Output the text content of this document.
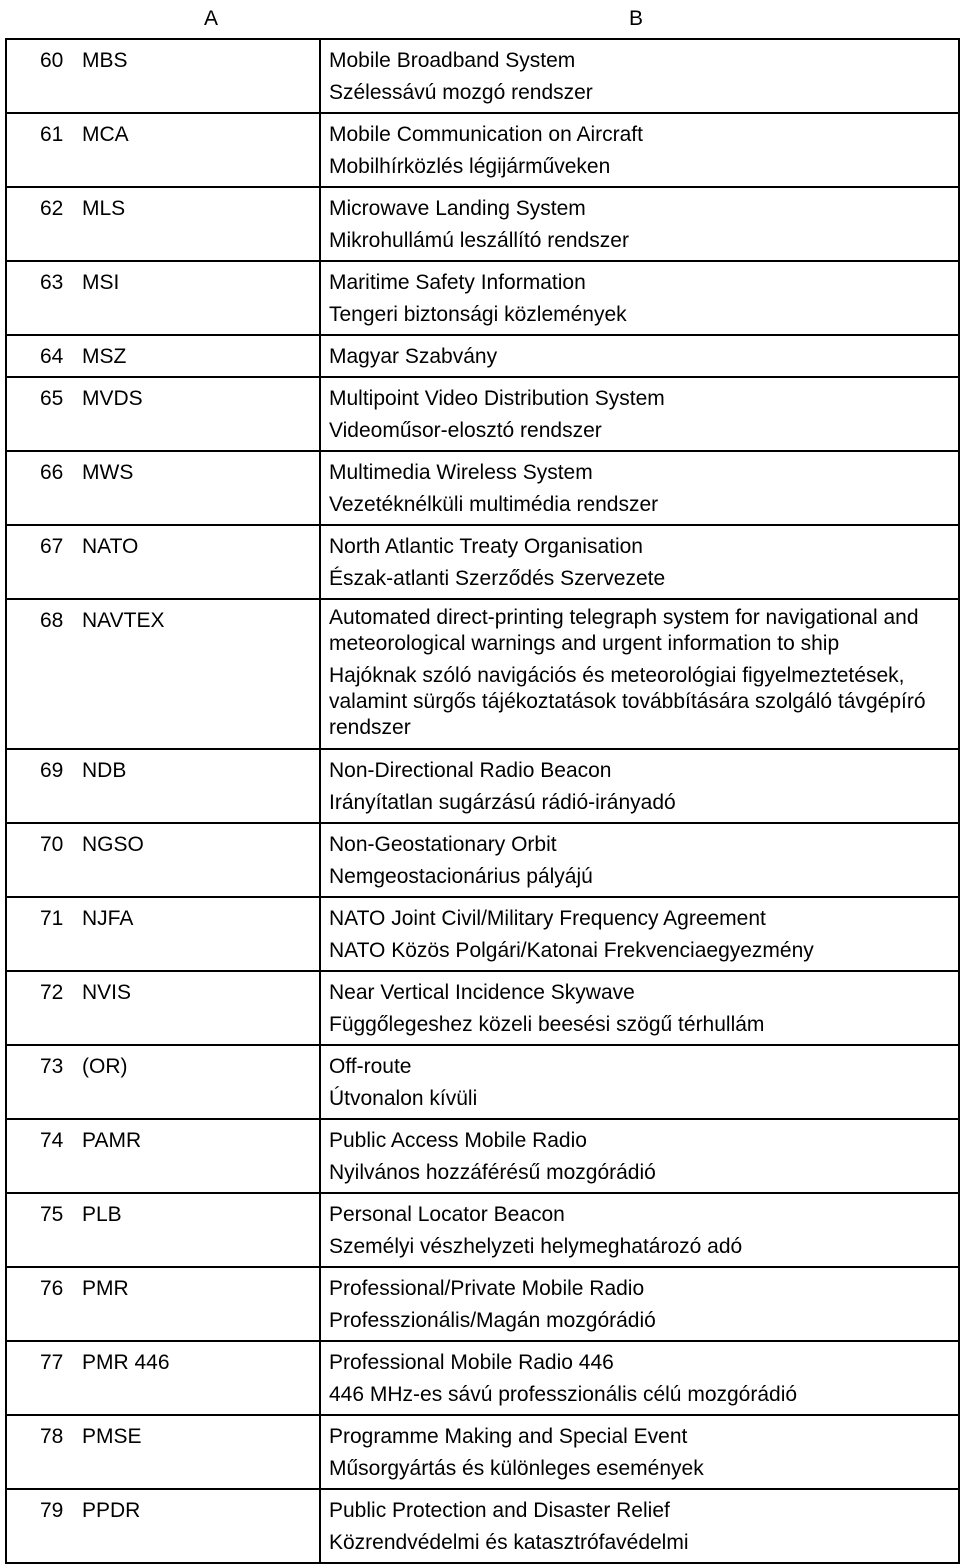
A	B
60 MBS	Mobile Broadband System
Szélessávú mozgó rendszer

61 MCA	Mobile Communication on Aircraft
Mobilhírközlés légijárműveken

62 MLS	Microwave Landing System
Mikrohullámú leszállító rendszer

63 MSI	Maritime Safety Information
Tengeri biztonsági közlemények

64 MSZ	Magyar Szabvány

65 MVDS	Multipoint Video Distribution System
Videoműsor-elosztó rendszer

66 MWS	Multimedia Wireless System
Vezetéknélküli multimédia rendszer

67 NATO	North Atlantic Treaty Organisation
Észak-atlanti Szerződés Szervezete

68 NAVTEX	Automated direct-printing telegraph system for navigational and meteorological warnings and urgent information to ship
Hajóknak szóló navigációs és meteorológiai figyelmeztetések, valamint sürgős tájékoztatások továbbítására szolgáló távgépíró rendszer

69 NDB	Non-Directional Radio Beacon
Irányítatlan sugárzású rádió-irányadó

70 NGSO	Non-Geostationary Orbit
Nemgeostacionárius pályájú

71 NJFA	NATO Joint Civil/Military Frequency Agreement
NATO Közös Polgári/Katonai Frekvenciaegyezmény

72 NVIS	Near Vertical Incidence Skywave
Függőlegeshez közeli beesési szögű térhullám

73 (OR)	Off-route
Útvonalon kívüli

74 PAMR	Public Access Mobile Radio
Nyilvános hozzáférésű mozgórádió

75 PLB	Personal Locator Beacon
Személyi vészhelyzeti helymeghatározó adó

76 PMR	Professional/Private Mobile Radio
Professzionális/Magán mozgórádió

77 PMR 446	Professional Mobile Radio 446
446 MHz-es sávú professzionális célú mozgórádió

78 PMSE	Programme Making and Special Event
Műsorgyártás és különleges események

79 PPDR	Public Protection and Disaster Relief
Közrendvédelmi és katasztrófavédelmi
